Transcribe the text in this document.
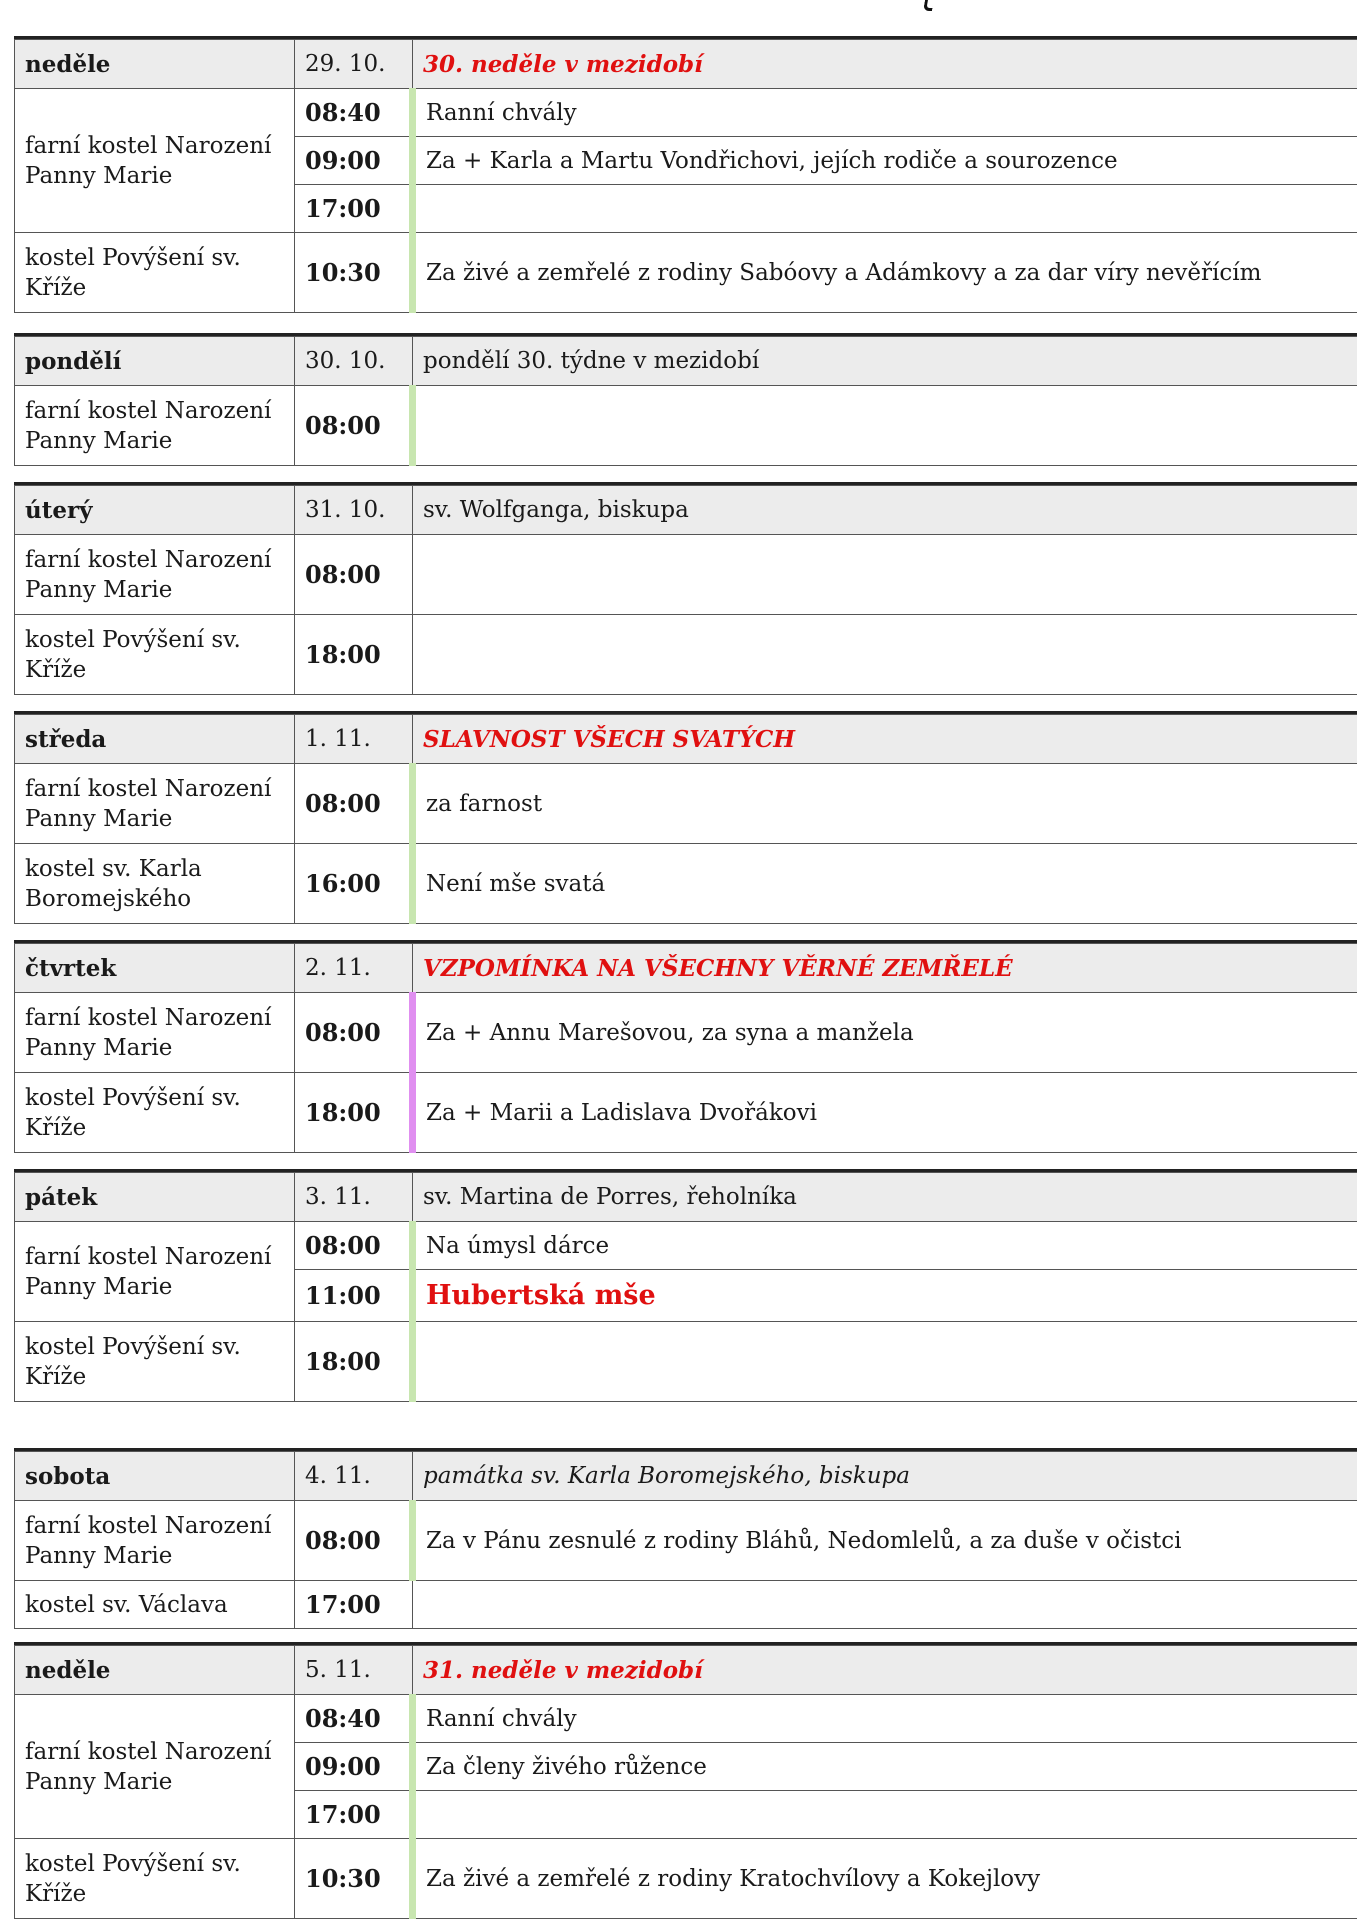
neděle	29. 10.	30. neděle v mezidobí
farní kostel Narození Panny Marie	08:40	Ranní chvály
	09:00	Za + Karla a Martu Vondřichovi, jejích rodiče a sourozence
	17:00	
kostel Povýšení sv. Kříže	10:30	Za živé a zemřelé z rodiny Sabóovy a Adámkovy a za dar víry nevěřícím
pondělí	30. 10.	pondělí 30. týdne v mezidobí
farní kostel Narození Panny Marie	08:00	
úterý	31. 10.	sv. Wolfganga, biskupa
farní kostel Narození Panny Marie	08:00	
kostel Povýšení sv. Kříže	18:00	
středa	1. 11.	SLAVNOST VŠECH SVATÝCH
farní kostel Narození Panny Marie	08:00	za farnost
kostel sv. Karla Boromejského	16:00	Není mše svatá
čtvrtek	2. 11.	VZPOMÍNKA NA VŠECHNY VĚRNÉ ZEMŘELÉ
farní kostel Narození Panny Marie	08:00	Za + Annu Marešovou, za syna a manžela
kostel Povýšení sv. Kříže	18:00	Za + Marii a Ladislava Dvořákovi
pátek	3. 11.	sv. Martina de Porres, řeholníka
farní kostel Narození Panny Marie	08:00	Na úmysl dárce
	11:00	Hubertská mše
kostel Povýšení sv. Kříže	18:00	
sobota	4. 11.	památka sv. Karla Boromejského, biskupa
farní kostel Narození Panny Marie	08:00	Za v Pánu zesnulé z rodiny Bláhů, Nedomlelů, a za duše v očistci
kostel sv. Václava	17:00	
neděle	5. 11.	31. neděle v mezidobí
farní kostel Narození Panny Marie	08:40	Ranní chvály
	09:00	Za členy živého růžence
	17:00	
kostel Povýšení sv. Kříže	10:30	Za živé a zemřelé z rodiny Kratochvílovy a Kokejlovy
